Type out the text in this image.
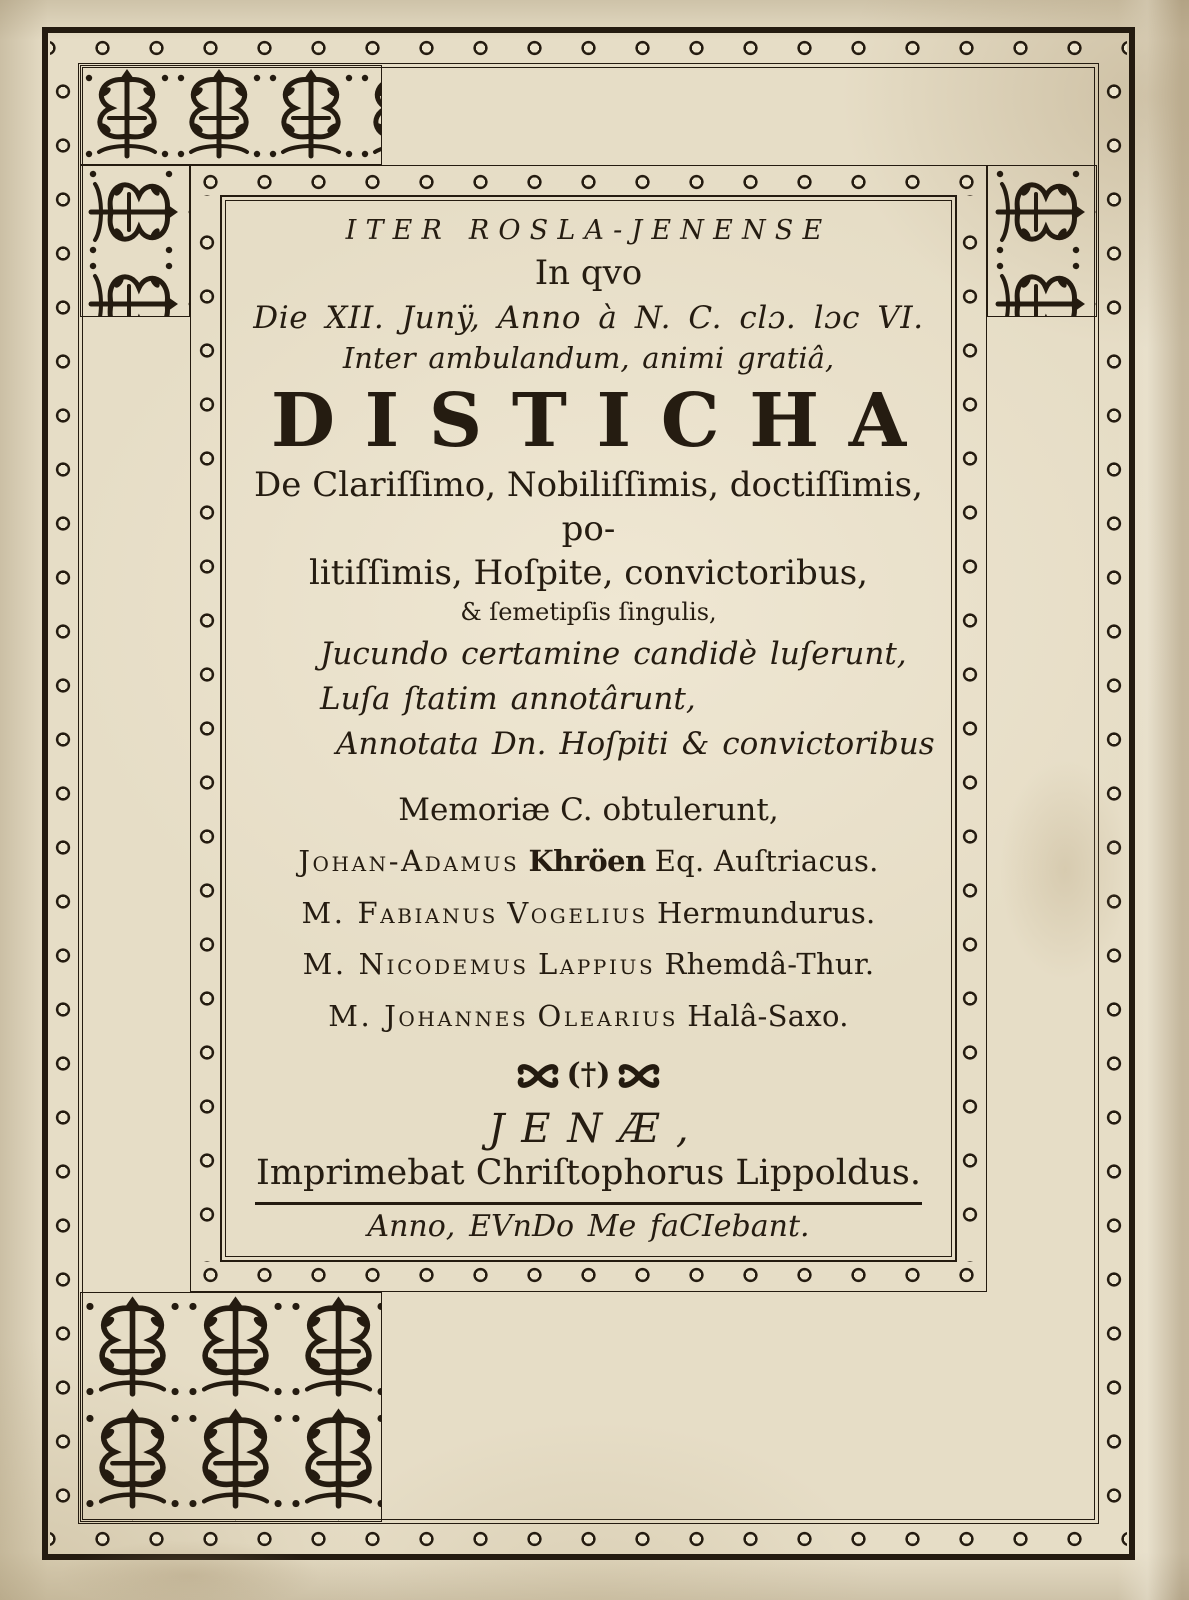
ITER ROSLA-JENENSE
In qvo
Die XII. Junÿ, Anno à N. C. clɔ. lɔc VI.
Inter ambulandum, animi gratiâ,
DISTICHA
De Clariſſimo, Nobiliſſimis, doctiſſimis, po-
litiſſimis, Hoſpite, convictoribus,
& ſemetipſis ſingulis,
Jucundo certamine candidè luſerunt,
Luſa ſtatim annotârunt,
Annotata Dn. Hoſpiti & convictoribus
Memoriæ C. obtulerunt,
Johan-Adamus Khröen Eq. Auſtriacus.
M. Fabianus Vogelius Hermundurus.
M. Nicodemus Lappius Rhemdâ-Thur.
M. Johannes Olearius Halâ-Saxo.
(†)
JENÆ,
Imprimebat Chriſtophorus Lippoldus.
Anno, EVnDo Me faCIebant.
